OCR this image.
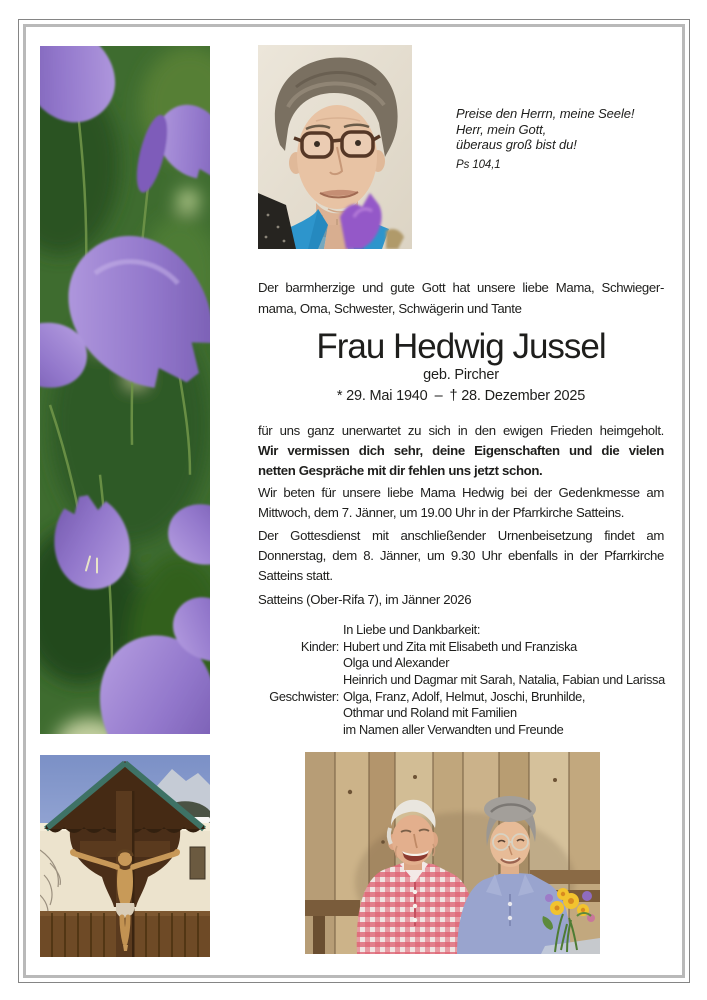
Preise den Herrn, meine Seele!
Herr, mein Gott,
überaus groß bist du!
Ps 104,1
Der barmherzige und gute Gott hat unsere liebe Mama, Schwieger-
mama, Oma, Schwester, Schwägerin und Tante
Frau Hedwig Jussel
geb. Pircher
* 29. Mai 1940 – † 28. Dezember 2025
für uns ganz unerwartet zu sich in den ewigen Frieden heimgeholt.
Wir vermissen dich sehr, deine Eigenschaften und die vielen
netten Gespräche mit dir fehlen uns jetzt schon.
Wir beten für unsere liebe Mama Hedwig bei der Gedenkmesse am
Mittwoch, dem 7. Jänner, um 19.00 Uhr in der Pfarrkirche Satteins.
Der Gottesdienst mit anschließender Urnenbeisetzung findet am
Donnerstag, dem 8. Jänner, um 9.30 Uhr ebenfalls in der Pfarrkirche
Satteins statt.
Satteins (Ober-Rifa 7), im Jänner 2026
In Liebe und Dankbarkeit:
Kinder: Hubert und Zita mit Elisabeth und Franziska
Olga und Alexander
Heinrich und Dagmar mit Sarah, Natalia, Fabian und Larissa
Geschwister: Olga, Franz, Adolf, Helmut, Joschi, Brunhilde,
Othmar und Roland mit Familien
im Namen aller Verwandten und Freunde
